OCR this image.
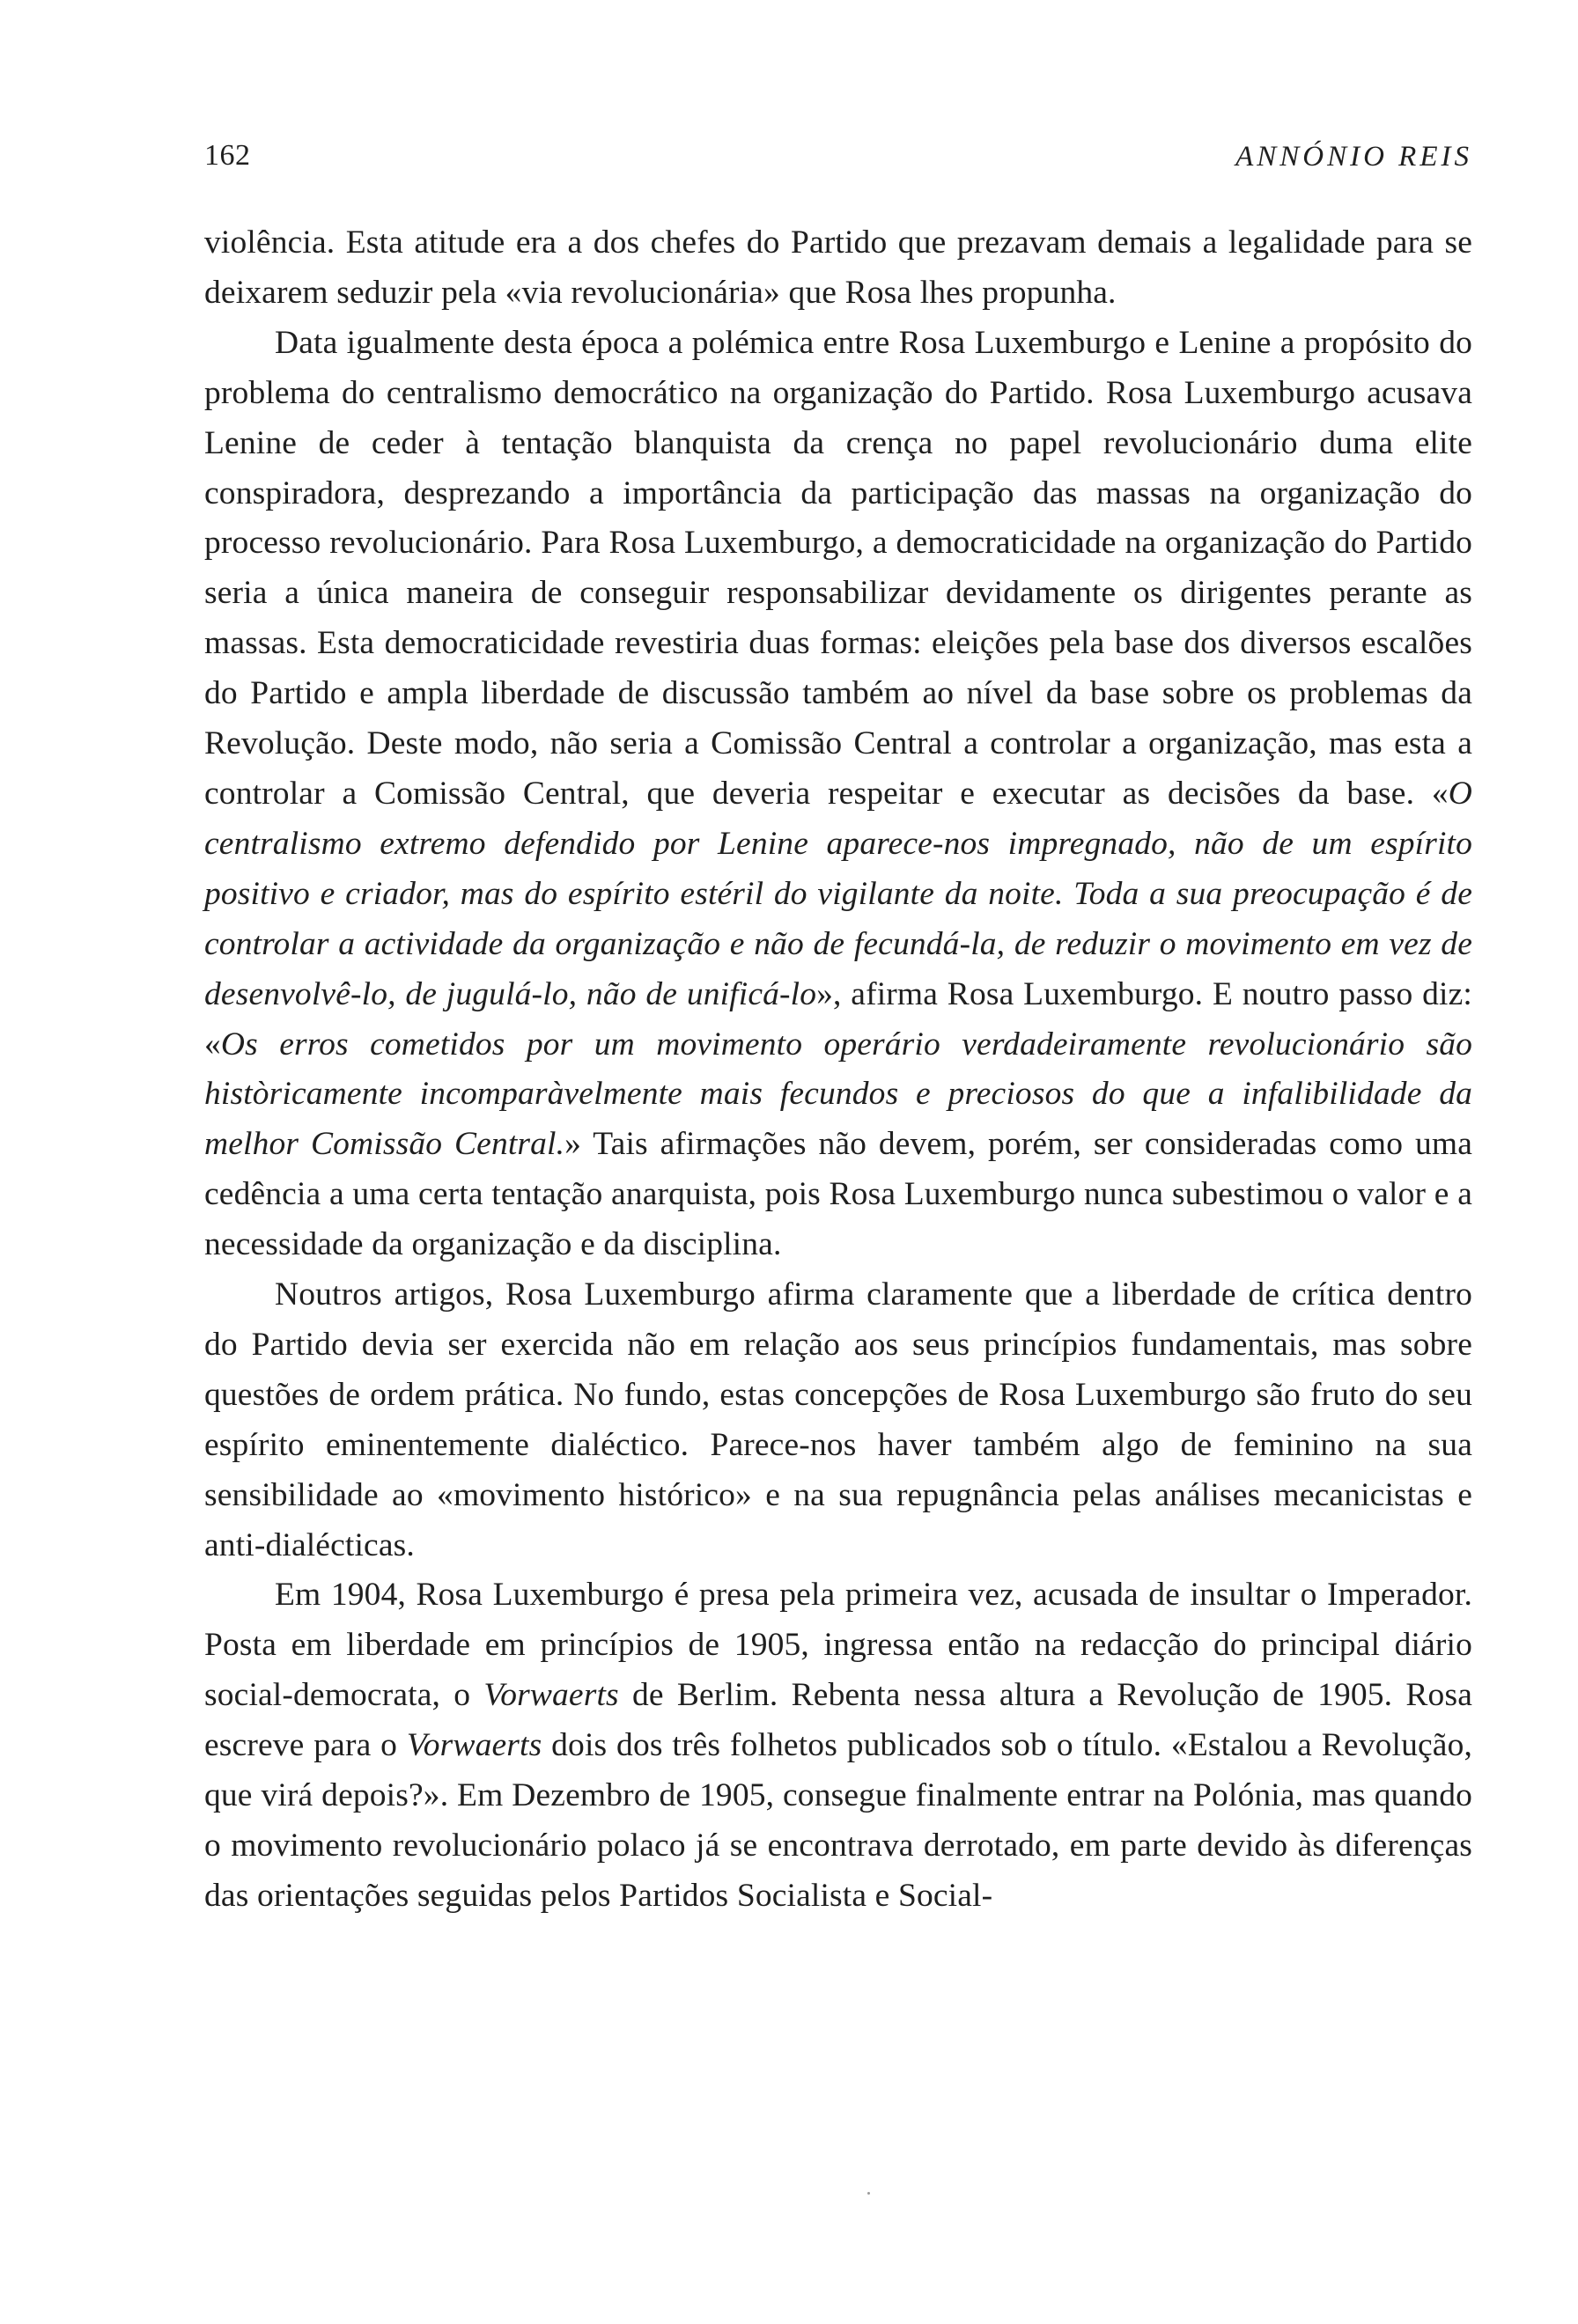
162	ANNÓNIO REIS

violência. Esta atitude era a dos chefes do Partido que prezavam demais a legalidade para se deixarem seduzir pela «via revolucionária» que Rosa lhes propunha.

Data igualmente desta época a polémica entre Rosa Luxemburgo e Lenine a propósito do problema do centralismo democrático na organização do Partido. Rosa Luxemburgo acusava Lenine de ceder à tentação blanquista da crença no papel revolucionário duma elite conspiradora, desprezando a importância da participação das massas na organização do processo revolucionário. Para Rosa Luxemburgo, a democraticidade na organização do Partido seria a única maneira de conseguir responsabilizar devidamente os dirigentes perante as massas. Esta democraticidade revestiria duas formas: eleições pela base dos diversos escalões do Partido e ampla liberdade de discussão também ao nível da base sobre os problemas da Revolução. Deste modo, não seria a Comissão Central a controlar a organização, mas esta a controlar a Comissão Central, que deveria respeitar e executar as decisões da base. «O centralismo extremo defendido por Lenine aparece-nos impregnado, não de um espírito positivo e criador, mas do espírito estéril do vigilante da noite. Toda a sua preocupação é de controlar a actividade da organização e não de fecundá-la, de reduzir o movimento em vez de desenvolvê-lo, de jugulá-lo, não de unificá-lo», afirma Rosa Luxemburgo. E noutro passo diz: «Os erros cometidos por um movimento operário verdadeiramente revolucionário são històricamente incomparàvelmente mais fecundos e preciosos do que a infalibilidade da melhor Comissão Central.» Tais afirmações não devem, porém, ser consideradas como uma cedência a uma certa tentação anarquista, pois Rosa Luxemburgo nunca subestimou o valor e a necessidade da organização e da disciplina.

Noutros artigos, Rosa Luxemburgo afirma claramente que a liberdade de crítica dentro do Partido devia ser exercida não em relação aos seus princípios fundamentais, mas sobre questões de ordem prática. No fundo, estas concepções de Rosa Luxemburgo são fruto do seu espírito eminentemente dialéctico. Parece-nos haver também algo de feminino na sua sensibilidade ao «movimento histórico» e na sua repugnância pelas análises mecanicistas e anti-dialécticas.

Em 1904, Rosa Luxemburgo é presa pela primeira vez, acusada de insultar o Imperador. Posta em liberdade em princípios de 1905, ingressa então na redacção do principal diário social-democrata, o Vorwaerts de Berlim. Rebenta nessa altura a Revolução de 1905. Rosa escreve para o Vorwaerts dois dos três folhetos publicados sob o título. «Estalou a Revolução, que virá depois?». Em Dezembro de 1905, consegue finalmente entrar na Polónia, mas quando o movimento revolucionário polaco já se encontrava derrotado, em parte devido às diferenças das orientações seguidas pelos Partidos Socialista e Social-
